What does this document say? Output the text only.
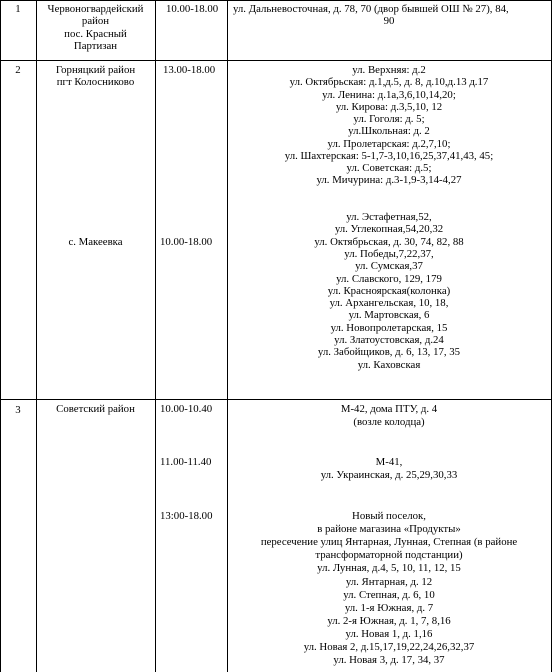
1	Червоногвардейский
район
пос. Красный
Партизан
10.00-18.00 ул. Дальневосточная, д. 78, 70 (двор бывшей ОШ № 27), 84,
90
2	Горняцкий район
пгт Колосниково
13.00-18.00	ул. Верхняя: д.2
ул. Октябрьская: д.1,д.5, д. 8, д.10,д.13 д.17
ул. Ленина: д.1а,3,6,10,14,20;
ул. Кирова: д.3,5,10, 12
ул. Гоголя: д. 5;
ул.Школьная: д. 2
ул. Пролетарская: д.2,7,10;
ул. Шахтерская: 5-1,7-3,10,16,25,37,41,43, 45;
ул. Советская: д.5;
ул. Мичурина: д.3-1,9-3,14-4,27
с. Макеевка	10.00-18.00
ул. Эстафетная,52,
ул. Углекопная,54,20,32
ул. Октябрьская, д. 30, 74, 82, 88
ул. Победы,7,22,37,
ул. Сумская,37
ул. Славского, 129, 179
ул. Красноярская(колонка)
ул. Архангельская, 10, 18,
ул. Мартовская, 6
ул. Новопролетарская, 15
ул. Златоустовская, д.24
ул. Забойщиков, д. 6, 13, 17, 35
ул. Каховская
3	Советский район	10.00-10.40	М-42, дома ПТУ, д. 4
(возле колодца)
11.00-11.40	М-41,
ул. Украинская, д. 25,29,30,33
13:00-18.00	Новый поселок,
в районе магазина «Продукты»
пересечение улиц Янтарная, Лунная, Степная (в районе
трансформаторной подстанции)
ул. Лунная, д.4, 5, 10, 11, 12, 15
ул. Янтарная, д. 12
ул. Степная, д. 6, 10
ул. 1-я Южная, д. 7
ул. 2-я Южная, д. 1, 7, 8,16
ул. Новая 1, д. 1,16
ул. Новая 2, д.15,17,19,22,24,26,32,37
ул. Новая 3, д. 17, 34, 37
